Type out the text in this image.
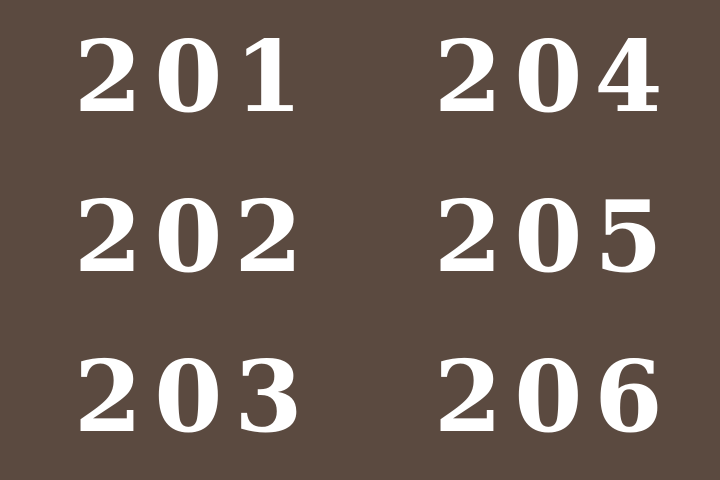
201
202
203
204
205
206
